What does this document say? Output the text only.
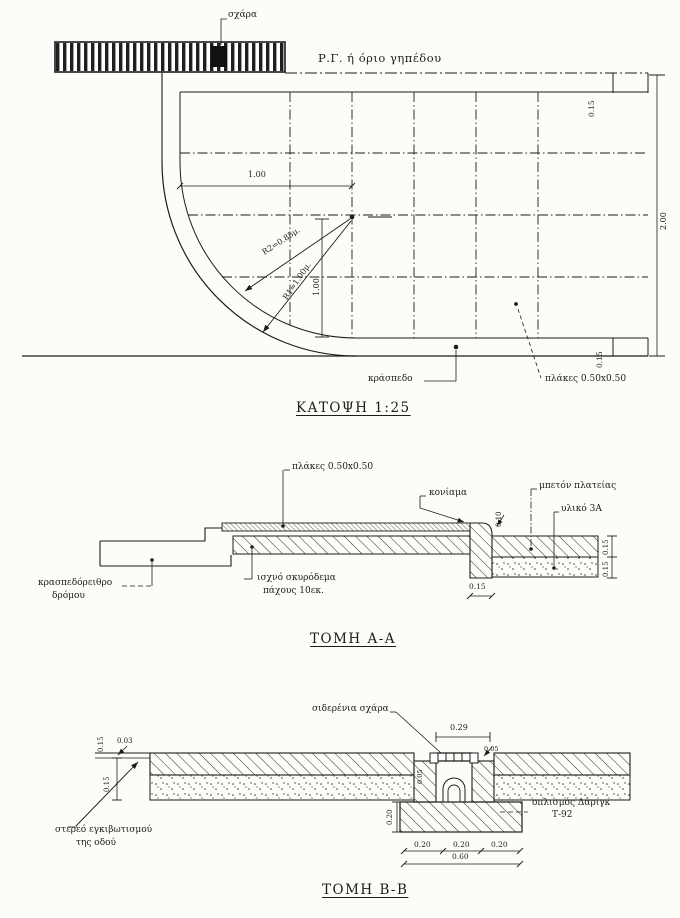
σχάρα
Ρ.Γ. ή όριο γηπέδου
1.00
R2=0.85μ.
R1=1.00μ. 1.00
2.00
0.15
0.15
κράσπεδο	πλάκες 0.50x0.50
ΚΑΤΟΨΗ 1:25
πλάκες 0.50x0.50
κονίαμα
μπετόν πλατείας
υλικό 3Α
ισχνό σκυρόδεμα
πάχους 10εκ.
κρασπεδόρειθρο
δρόμου
0.15
0.10
0.15
0.15
ΤΟΜΗ Α-Α
σιδερένια σχάρα
0.29
0.15 0.03
0.15	0.05
0.05
0.20
0.20	0.20	0.20
0.60
οπλισμός Δάριγκ
Τ-92
στερεό εγκιβωτισμού
της οδού
ΤΟΜΗ Β-Β
